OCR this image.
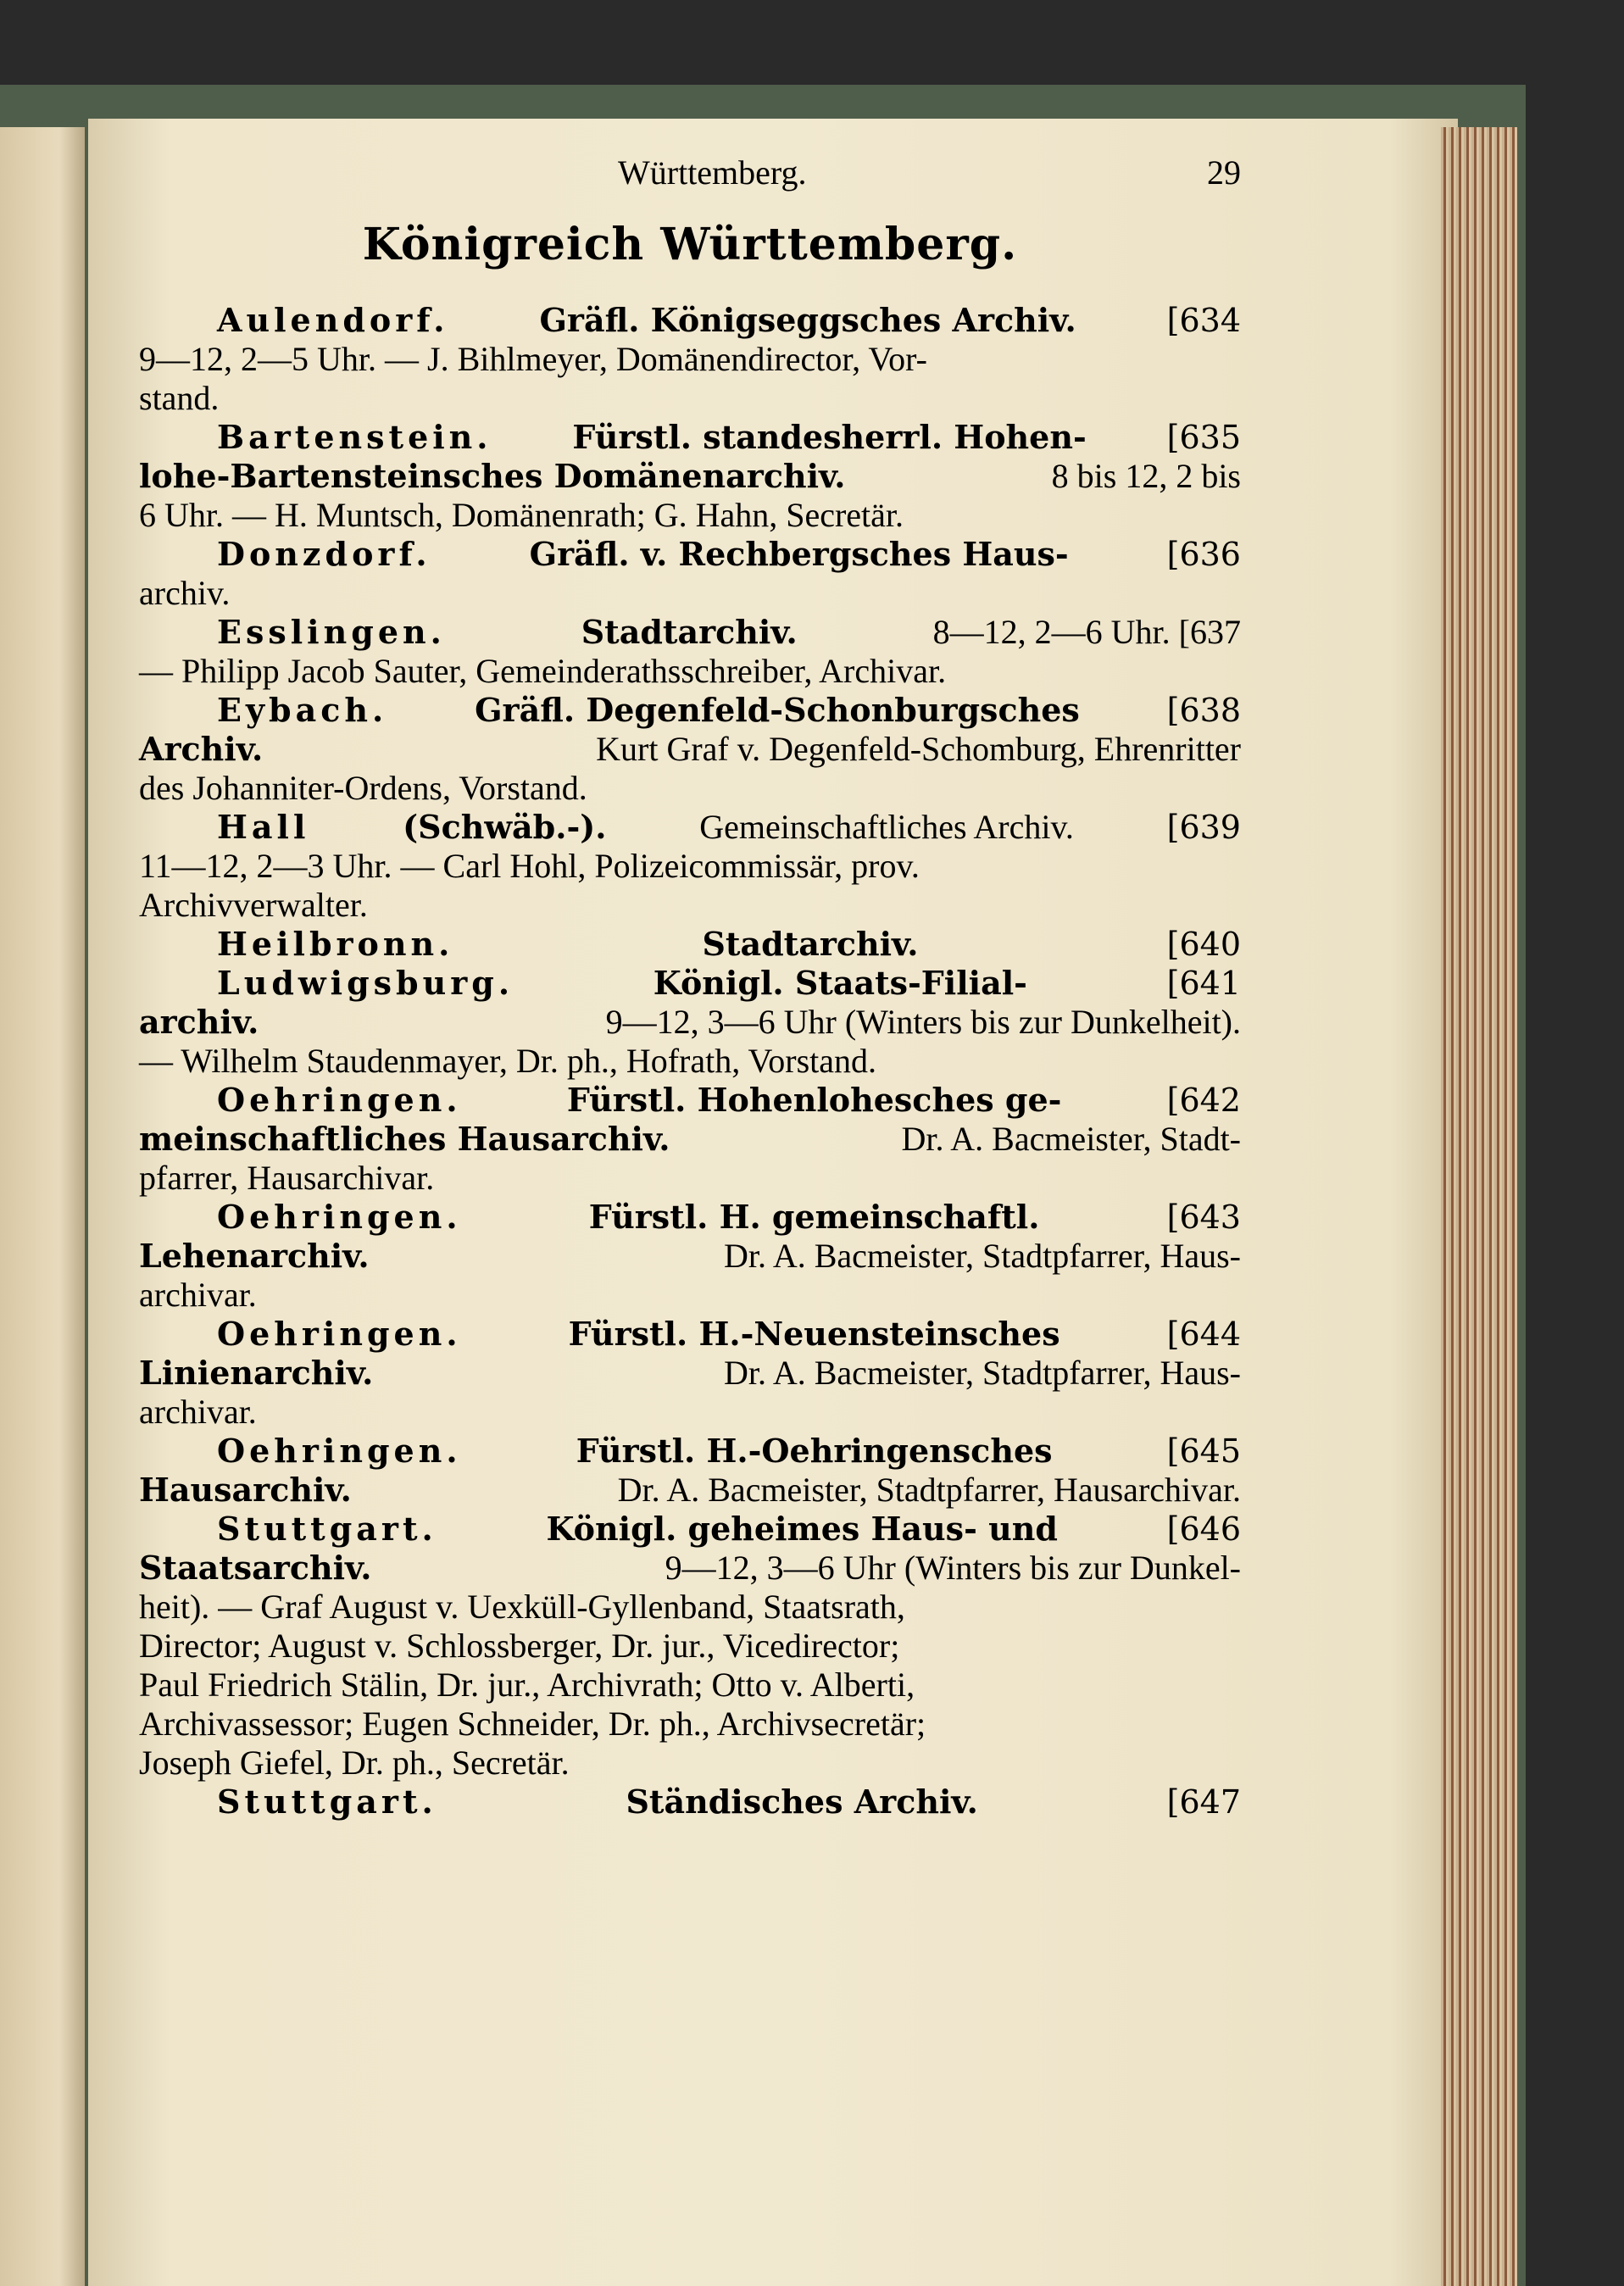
Württemberg.	29
Königreich Württemberg.
Aulendorf.	Gräfl. Königseggsches Archiv.	[634
9—12, 2—5 Uhr. — J. Bihlmeyer, Domänendirector, Vor-
stand.
Bartenstein. Fürstl. standesherrl. Hohen- [635
lohe-Bartensteinsches Domänenarchiv.	8 bis 12, 2 bis
6 Uhr. — H. Muntsch, Domänenrath; G. Hahn, Secretär.
Donzdorf.	Gräfl. v. Rechbergsches Haus-	[636
archiv.
Esslingen.	Stadtarchiv.	8—12, 2—6 Uhr. [637
— Philipp Jacob Sauter, Gemeinderathsschreiber, Archivar.
Eybach.	Gräfl. Degenfeld-Schonburgsches	[638
Archiv.	Kurt Graf v. Degenfeld-Schomburg, Ehrenritter
des Johanniter-Ordens, Vorstand.
Hall	(Schwäb.-).	Gemeinschaftliches Archiv.	[639
11—12, 2—3 Uhr. — Carl Hohl, Polizeicommissär, prov.
Archivverwalter.
Heilbronn.	Stadtarchiv.	[640
Ludwigsburg.	Königl. Staats-Filial-	[641
archiv.	9—12, 3—6 Uhr (Winters bis zur Dunkelheit).
— Wilhelm Staudenmayer, Dr. ph., Hofrath, Vorstand.
Oehringen.	Fürstl. Hohenlohesches ge-	[642
meinschaftliches Hausarchiv.	Dr. A. Bacmeister, Stadt-
pfarrer, Hausarchivar.
Oehringen.	Fürstl. H. gemeinschaftl.	[643
Lehenarchiv.	Dr. A. Bacmeister, Stadtpfarrer, Haus-
archivar.
Oehringen.	Fürstl. H.-Neuensteinsches	[644
Linienarchiv.	Dr. A. Bacmeister, Stadtpfarrer, Haus-
archivar.
Oehringen.	Fürstl. H.-Oehringensches	[645
Hausarchiv.	Dr. A. Bacmeister, Stadtpfarrer, Hausarchivar.
Stuttgart.	Königl. geheimes Haus- und	[646
Staatsarchiv.	9—12, 3—6 Uhr (Winters bis zur Dunkel-
heit). — Graf August v. Uexküll-Gyllenband, Staatsrath,
Director; August v. Schlossberger, Dr. jur., Vicedirector;
Paul Friedrich Stälin, Dr. jur., Archivrath; Otto v. Alberti,
Archivassessor; Eugen Schneider, Dr. ph., Archivsecretär;
Joseph Giefel, Dr. ph., Secretär.
Stuttgart.	Ständisches Archiv.	[647
